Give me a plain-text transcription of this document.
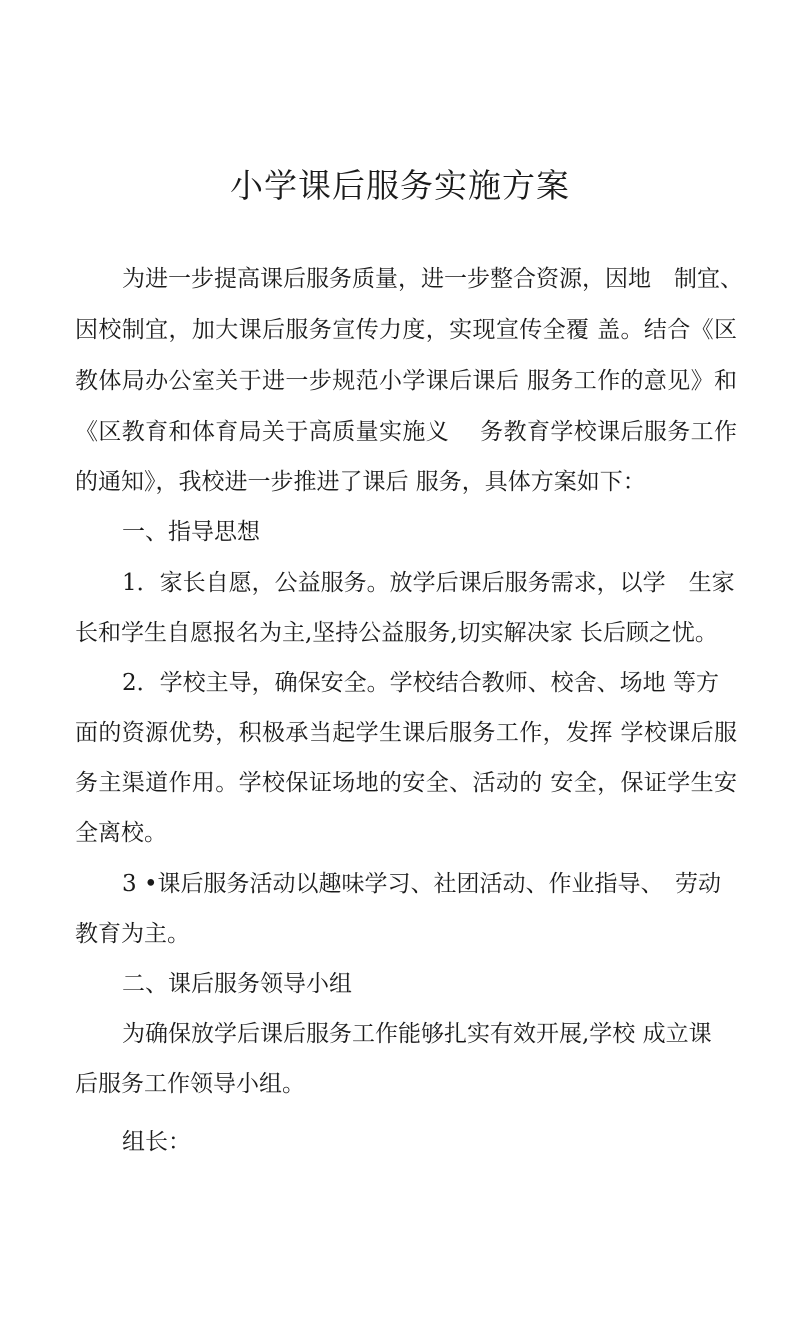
小学课后服务实施方案

为进一步提高课后服务质量，进一步整合资源，因地　制宜、

因校制宜，加大课后服务宣传力度，实现宣传全覆 盖。结合《区

教体局办公室关于进一步规范小学课后课后 服务工作的意见》和

《区教育和体育局关于高质量实施义　 务教育学校课后服务工作

的通知》，我校进一步推进了课后 服务，具体方案如下：

一、指导思想

1．家长自愿，公益服务。放学后课后服务需求，以学　生家

长和学生自愿报名为主,坚持公益服务,切实解决家 长后顾之忧。

2．学校主导，确保安全。学校结合教师、校舍、场地 等方

面的资源优势，积极承当起学生课后服务工作，发挥 学校课后服

务主渠道作用。学校保证场地的安全、活动的 安全，保证学生安

全离校。

3 •课后服务活动以趣味学习、社团活动、作业指导、　劳动

教育为主。

二、课后服务领导小组

为确保放学后课后服务工作能够扎实有效开展,学校 成立课

后服务工作领导小组。

组长：
